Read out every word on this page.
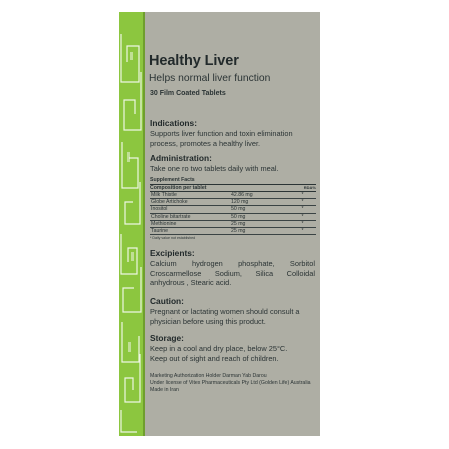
Healthy Liver
Helps normal liver function
30 Film Coated Tablets
Indications:
Supports liver function and toxin elimination process, promotes a healthy liver.
Administration:
Take one ro two tablets daily with meal.
Supplement Facts
Composition per tablet	RDA%
Milk Thistle	42.86 mg	*
Globe Artichoke	120 mg	*
Inositol	50 mg	*
Choline bitartrate	50 mg	*
Methionine	25 mg	*
Taurine	25 mg	*
* Daily value not established
Excipients:
Calcium hydrogen phosphate, Sorbitol
Croscarmellose Sodium, Silica Colloidal
anhydrous , Stearic acid.
Caution:
Pregnant or lactating women should consult a physician before using this product.
Storage:
Keep in a cool and dry place, below 25°C.
Keep out of sight and reach of children.
Marketing Authorization Holder Darman Yab Darou
Under license of Vitex Pharmaceuticals Pty Ltd (Golden Life) Australia
Made in Iran
